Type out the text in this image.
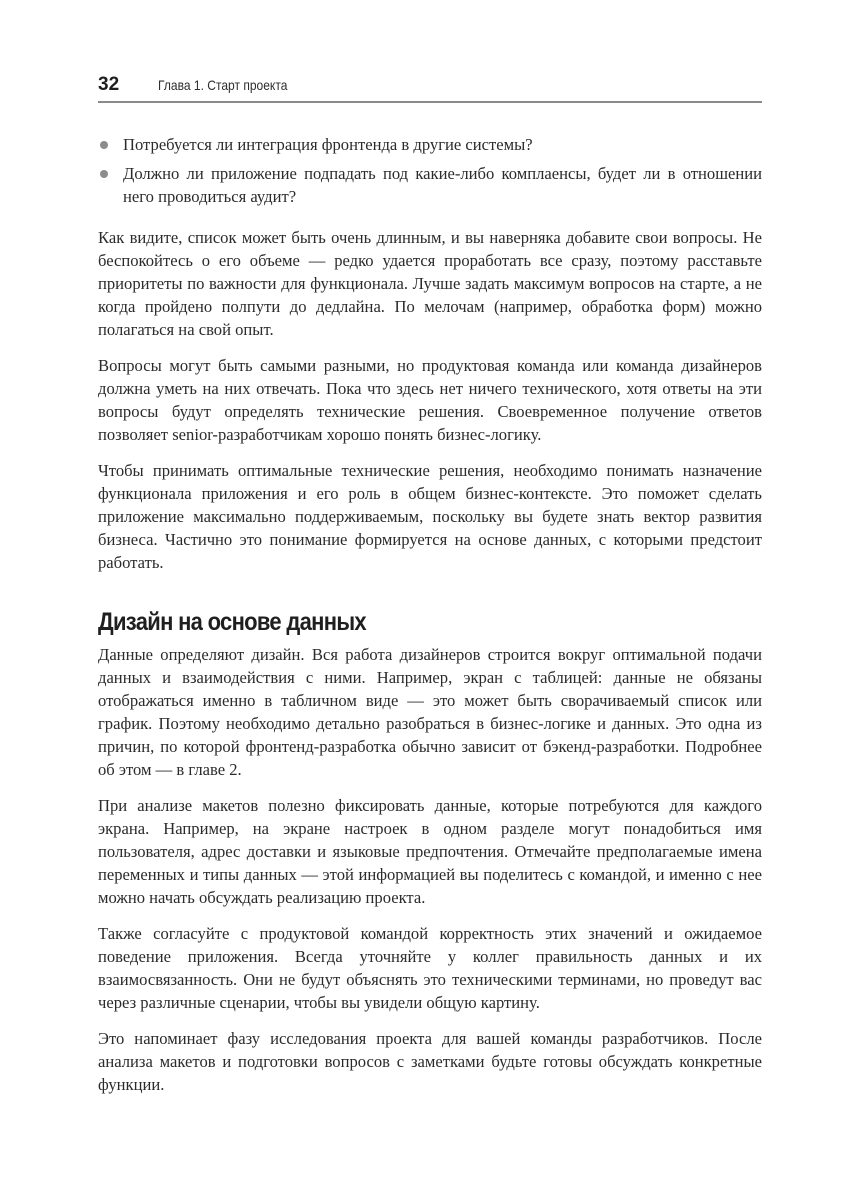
32	Глава 1. Старт проекта
Потребуется ли интеграция фронтенда в другие системы?
Должно ли приложение подпадать под какие-либо комплаенсы, будет ли в отношении него проводиться аудит?

Как видите, список может быть очень длинным, и вы наверняка добавите свои вопросы. Не беспокойтесь о его объеме — редко удается проработать все сразу, поэтому расставьте приоритеты по важности для функционала. Лучше задать максимум вопросов на старте, а не когда пройдено полпути до дедлайна. По мелочам (например, обработка форм) можно полагаться на свой опыт.

Вопросы могут быть самыми разными, но продуктовая команда или команда дизайнеров должна уметь на них отвечать. Пока что здесь нет ничего технического, хотя ответы на эти вопросы будут определять технические решения. Своевременное получение ответов позволяет senior-разработчикам хорошо понять бизнес-логику.

Чтобы принимать оптимальные технические решения, необходимо понимать назначение функционала приложения и его роль в общем бизнес-контексте. Это поможет сделать приложение максимально поддерживаемым, поскольку вы будете знать вектор развития бизнеса. Частично это понимание формируется на основе данных, с которыми предстоит работать.

Дизайн на основе данных

Данные определяют дизайн. Вся работа дизайнеров строится вокруг оптимальной подачи данных и взаимодействия с ними. Например, экран с таблицей: данные не обязаны отображаться именно в табличном виде — это может быть сворачиваемый список или график. Поэтому необходимо детально разобраться в бизнес-логике и данных. Это одна из причин, по которой фронтенд-разработка обычно зависит от бэкенд-разработки. Подробнее об этом — в главе 2.

При анализе макетов полезно фиксировать данные, которые потребуются для каждого экрана. Например, на экране настроек в одном разделе могут понадобиться имя пользователя, адрес доставки и языковые предпочтения. Отмечайте предполагаемые имена переменных и типы данных — этой информацией вы поделитесь с командой, и именно с нее можно начать обсуждать реализацию проекта.

Также согласуйте с продуктовой командой корректность этих значений и ожидаемое поведение приложения. Всегда уточняйте у коллег правильность данных и их взаимосвязанность. Они не будут объяснять это техническими терминами, но проведут вас через различные сценарии, чтобы вы увидели общую картину.

Это напоминает фазу исследования проекта для вашей команды разработчиков. После анализа макетов и подготовки вопросов с заметками будьте готовы обсуждать конкретные функции.
